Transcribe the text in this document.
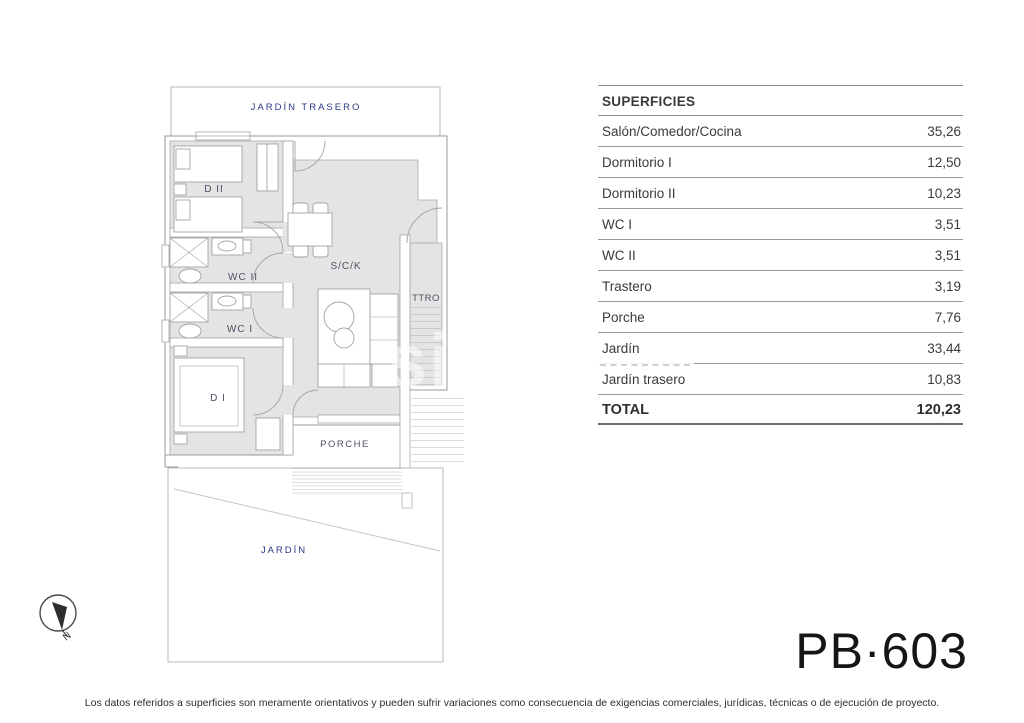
JARDÍN TRASERO
JARDÍN
D II
WC II
WC I
D I
S/C/K
TTRO
PORCHE
N
SUPERFICIES
Salón/Comedor/Cocina	35,26
Dormitorio I	12,50
Dormitorio II	10,23
WC I	3,51
WC II	3,51
Trastero	3,19
Porche	7,76
Jardín	33,44
Jardín trasero	10,83
TOTAL	120,23
si
PB·603
Los datos referidos a superficies son meramente orientativos y pueden sufrir variaciones como consecuencia de exigencias comerciales, jurídicas, técnicas o de ejecución de proyecto.
